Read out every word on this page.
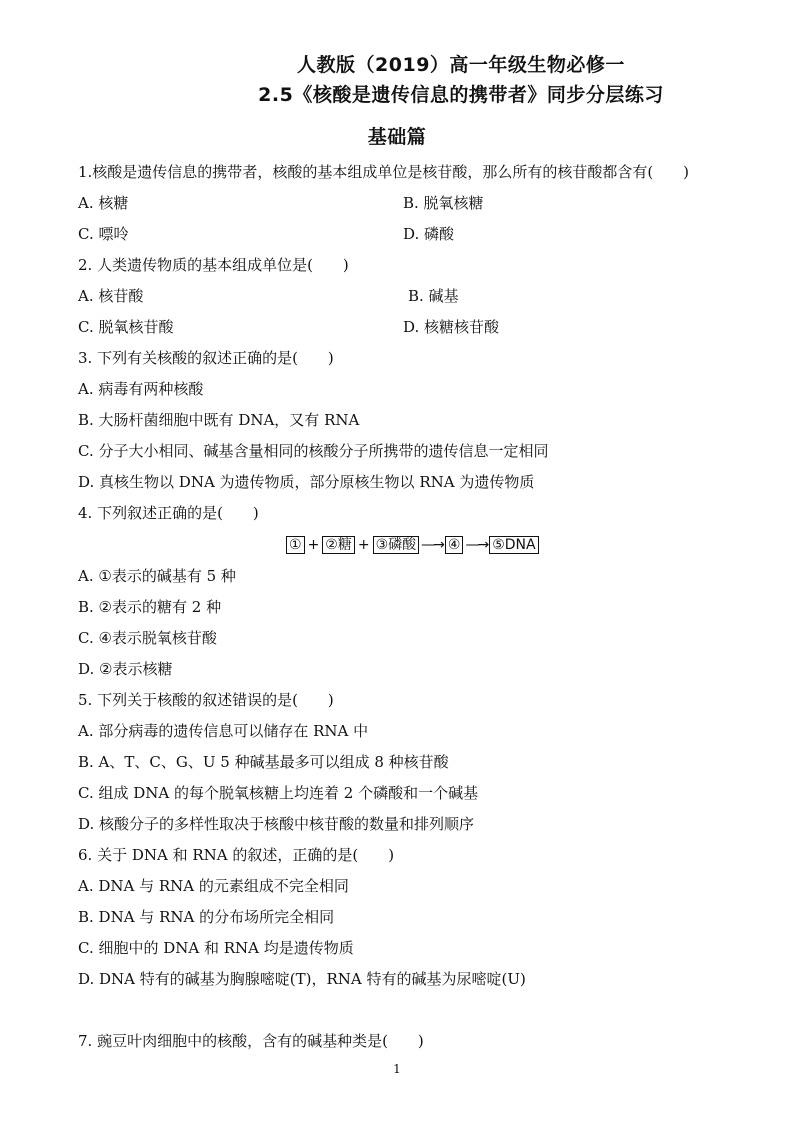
人教版（2019）高一年级生物必修一
2.5《核酸是遗传信息的携带者》同步分层练习
基础篇
1.核酸是遗传信息的携带者，核酸的基本组成单位是核苷酸，那么所有的核苷酸都含有(　　)
A. 核糖	B. 脱氧核糖
C. 嘌呤	D. 磷酸
2. 人类遗传物质的基本组成单位是(　　)
A. 核苷酸	B. 碱基
C. 脱氧核苷酸	D. 核糖核苷酸
3. 下列有关核酸的叙述正确的是(　　)
A. 病毒有两种核酸
B. 大肠杆菌细胞中既有 DNA，又有 RNA
C. 分子大小相同、碱基含量相同的核酸分子所携带的遗传信息一定相同
D. 真核生物以 DNA 为遗传物质，部分原核生物以 RNA 为遗传物质
4. 下列叙述正确的是(　　)
① + ②糖 + ③磷酸 —→ ④ —→ ⑤DNA
A. ①表示的碱基有 5 种
B. ②表示的糖有 2 种
C. ④表示脱氧核苷酸
D. ②表示核糖
5. 下列关于核酸的叙述错误的是(　　)
A. 部分病毒的遗传信息可以储存在 RNA 中
B. A、T、C、G、U 5 种碱基最多可以组成 8 种核苷酸
C. 组成 DNA 的每个脱氧核糖上均连着 2 个磷酸和一个碱基
D. 核酸分子的多样性取决于核酸中核苷酸的数量和排列顺序
6. 关于 DNA 和 RNA 的叙述，正确的是(　　)
A. DNA 与 RNA 的元素组成不完全相同
B. DNA 与 RNA 的分布场所完全相同
C. 细胞中的 DNA 和 RNA 均是遗传物质
D. DNA 特有的碱基为胸腺嘧啶(T)，RNA 特有的碱基为尿嘧啶(U)
7. 豌豆叶肉细胞中的核酸，含有的碱基种类是(　　)
1
